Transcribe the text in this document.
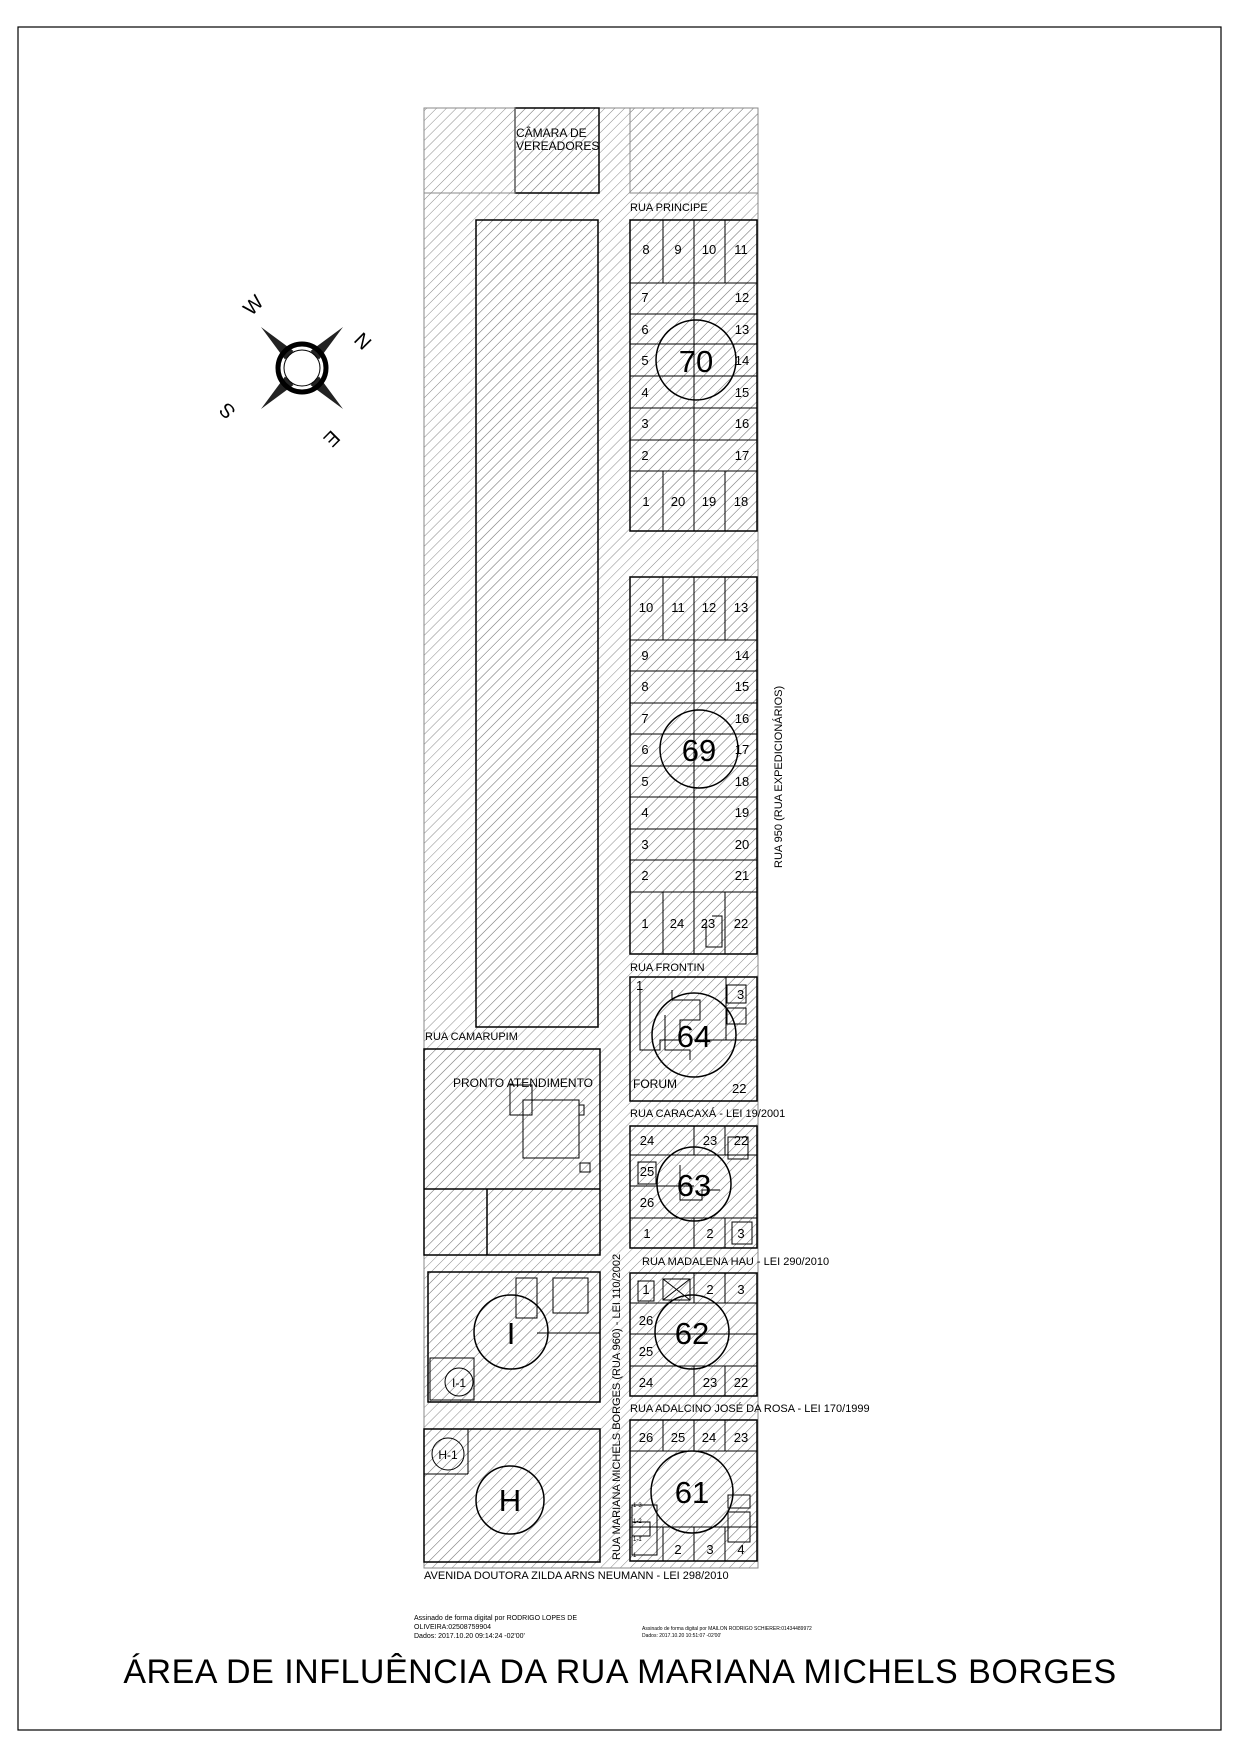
W
N
S
E
CÂMARA DE
VEREADORES
PRONTO ATENDIMENTO
I
I-1
H
H-1
70
8 9 10 11
7	12
6	13
5	14
4	15
3	16
2	17
1 20 19 18
69
10 11 12 13
9	14
8	15
7	16
6	17
5	18
4	19
3	20
2	21
1 24 23 22
64
1
3
22
FORUM
63
24	23 22
25
26
1	2 3
62
1	2 3
26
25
24	23 22
61
26 25 24 23
1-3
1-2
1-1
1	2 3 4
RUA PRINCIPE
RUA FRONTIN
RUA CAMARUPIM
RUA CARACAXÁ - LEI 19/2001
RUA MADALENA HAU - LEI 290/2010
RUA ADALCINO JOSÉ DA ROSA - LEI 170/1999
AVENIDA DOUTORA ZILDA ARNS NEUMANN - LEI 298/2010
RUA 950 (RUA EXPEDICIONÁRIOS)
RUA MARIANA MICHELS BORGES (RUA 960) - LEI 110/2002
Assinado de forma digital por RODRIGO LOPES DE
OLIVEIRA:02508759904
Dados: 2017.10.20 09:14:24 -02'00'
Assinado de forma digital por MAILON RODRIGO SCHIERER:01434489972
Dados: 2017.10.20 10:51:07 -02'00'
ÁREA DE INFLUÊNCIA DA RUA MARIANA MICHELS BORGES
